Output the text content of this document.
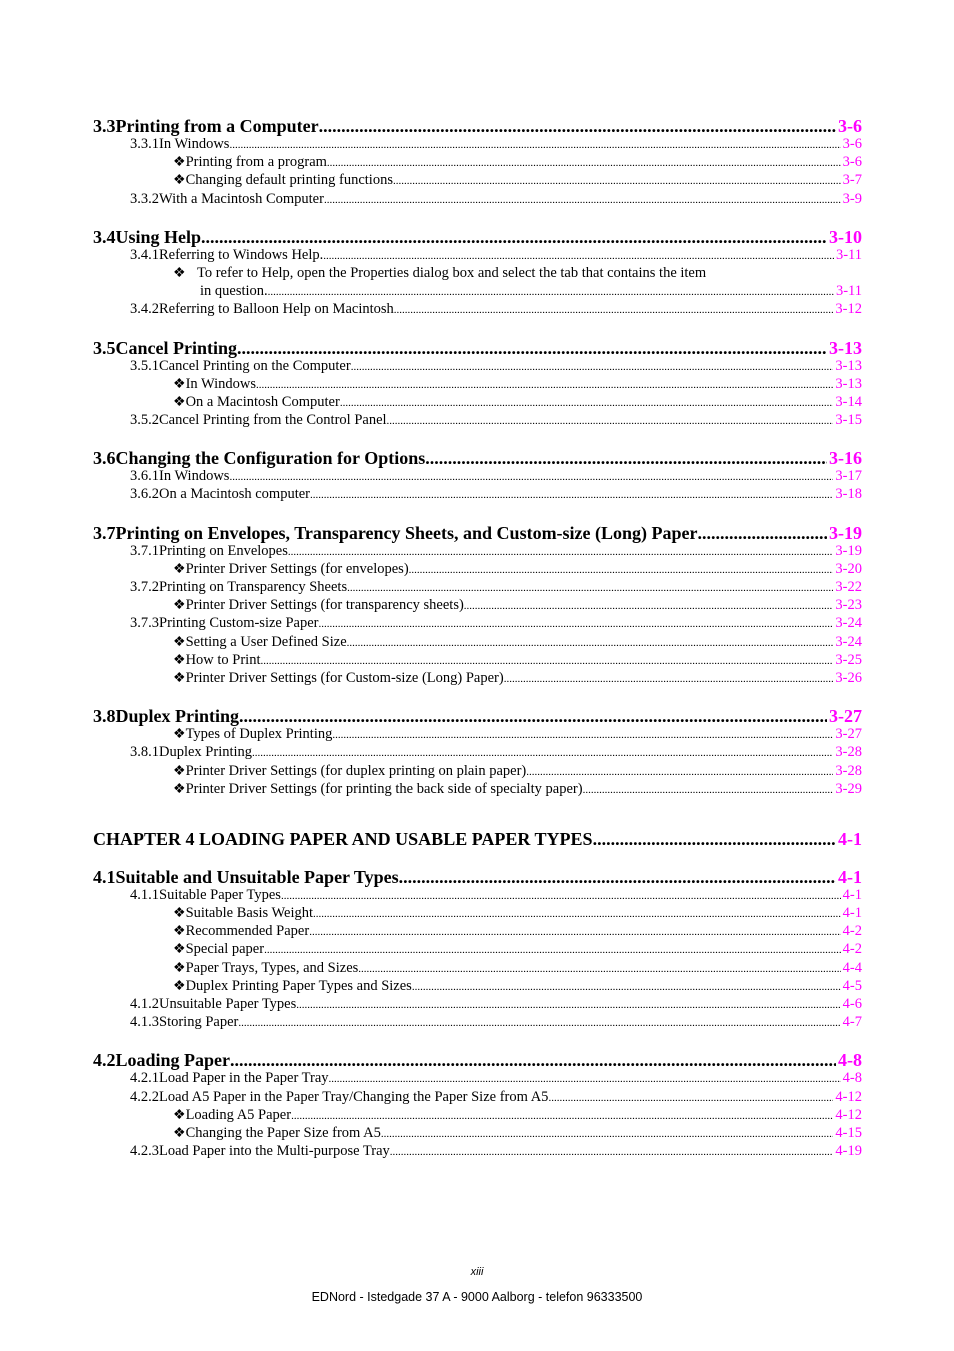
3.3 Printing from a Computer .....	3-6
3.3.1 In Windows .....	3-6
❖ Printing from a program .....	3-6
❖ Changing default printing functions .....	3-7
3.3.2 With a Macintosh Computer .....	3-9
3.4 Using Help .....	3-10
3.4.1 Referring to Windows Help. .....	3-11
❖ To refer to Help, open the Properties dialog box and select the tab that contains the item
in question. .....	3-11
3.4.2 Referring to Balloon Help on Macintosh .....	3-12
3.5 Cancel Printing .....	3-13
3.5.1 Cancel Printing on the Computer .....	3-13
❖ In Windows .....	3-13
❖ On a Macintosh Computer .....	3-14
3.5.2 Cancel Printing from the Control Panel .....	3-15
3.6 Changing the Configuration for Options .....	3-16
3.6.1 In Windows .....	3-17
3.6.2 On a Macintosh computer .....	3-18
3.7 Printing on Envelopes, Transparency Sheets, and Custom-size (Long) Paper .....	3-19
3.7.1 Printing on Envelopes .....	3-19
❖ Printer Driver Settings (for envelopes) .....	3-20
3.7.2 Printing on Transparency Sheets .....	3-22
❖ Printer Driver Settings (for transparency sheets) .....	3-23
3.7.3 Printing Custom-size Paper .....	3-24
❖ Setting a User Defined Size .....	3-24
❖ How to Print .....	3-25
❖ Printer Driver Settings (for Custom-size (Long) Paper) .....	3-26
3.8 Duplex Printing .....	3-27
❖ Types of Duplex Printing .....	3-27
3.8.1 Duplex Printing .....	3-28
❖ Printer Driver Settings (for duplex printing on plain paper) .....	3-28
❖ Printer Driver Settings (for printing the back side of specialty paper) .....	3-29
CHAPTER 4 LOADING PAPER AND USABLE PAPER TYPES .....	4-1
4.1 Suitable and Unsuitable Paper Types .....	4-1
4.1.1 Suitable Paper Types .....	4-1
❖ Suitable Basis Weight .....	4-1
❖ Recommended Paper .....	4-2
❖ Special paper .....	4-2
❖ Paper Trays, Types, and Sizes .....	4-4
❖ Duplex Printing Paper Types and Sizes .....	4-5
4.1.2 Unsuitable Paper Types .....	4-6
4.1.3 Storing Paper .....	4-7
4.2 Loading Paper .....	4-8
4.2.1 Load Paper in the Paper Tray .....	4-8
4.2.2 Load A5 Paper in the Paper Tray/Changing the Paper Size from A5 .....	4-12
❖ Loading A5 Paper .....	4-12
❖ Changing the Paper Size from A5 .....	4-15
4.2.3 Load Paper into the Multi-purpose Tray .....	4-19
xiii
EDNord - Istedgade 37 A - 9000 Aalborg - telefon 96333500
